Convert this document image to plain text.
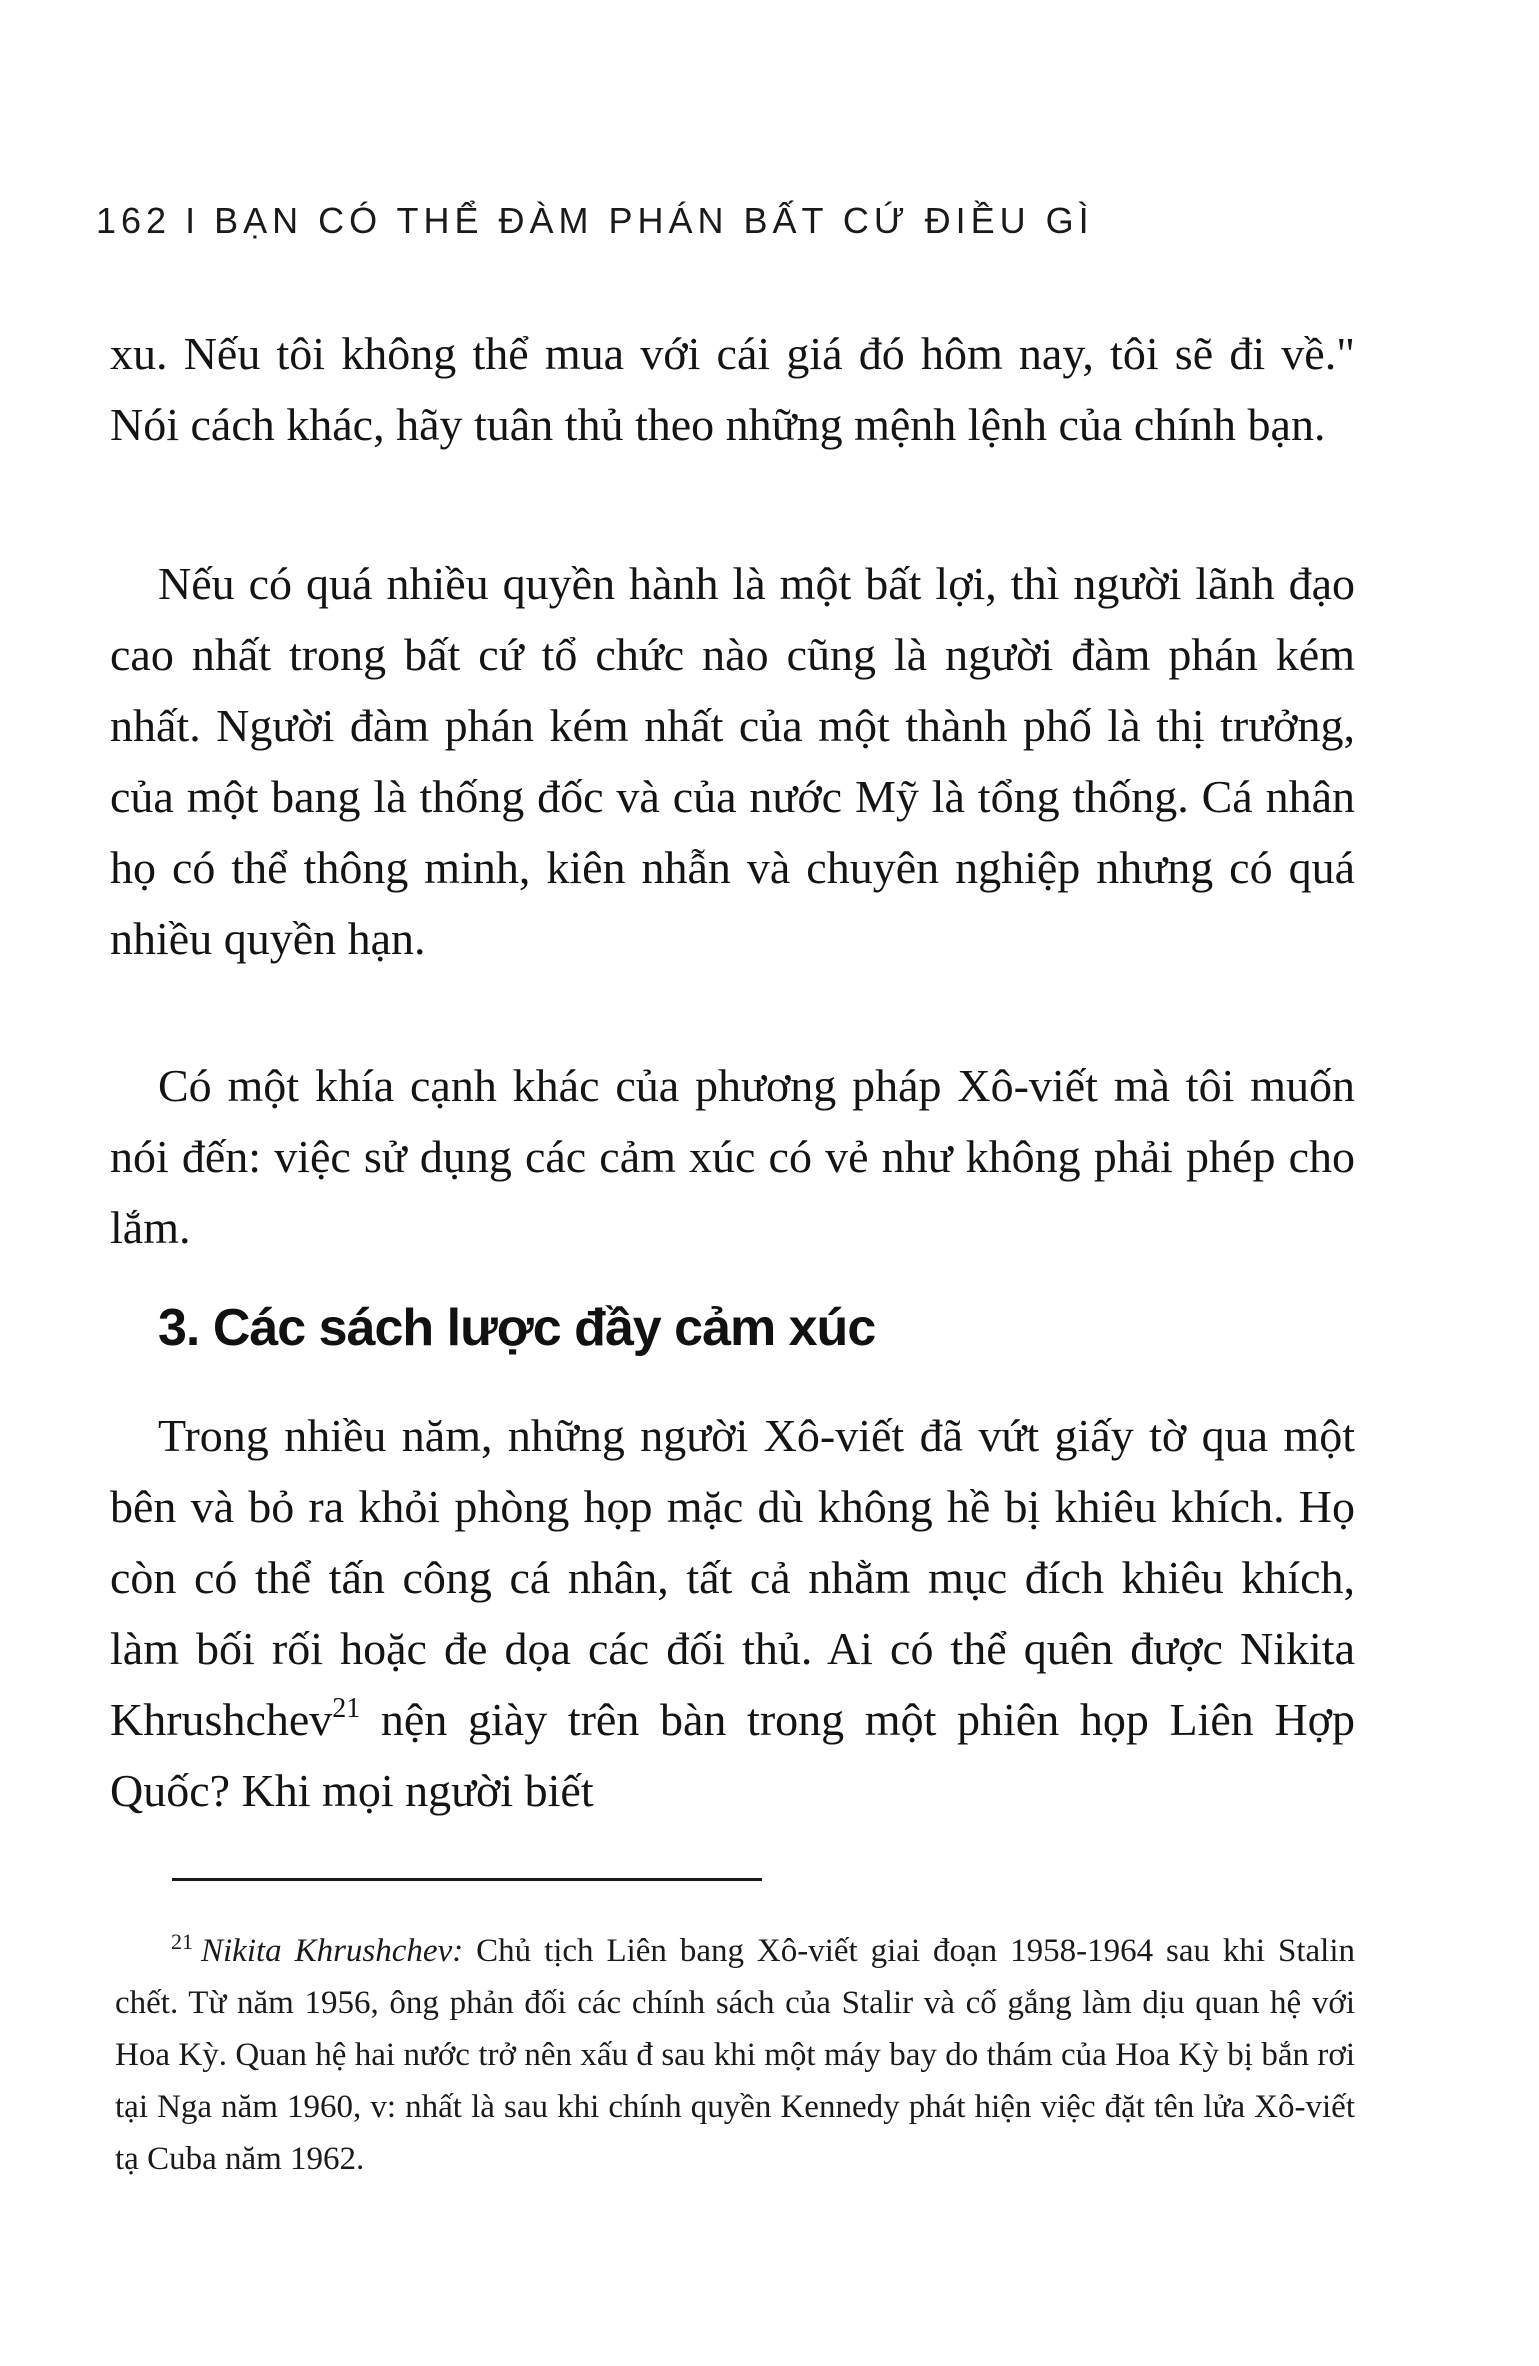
162 I BẠN CÓ THỂ ĐÀM PHÁN BẤT CỨ ĐIỀU GÌ

xu. Nếu tôi không thể mua với cái giá đó hôm nay, tôi sẽ đi về." Nói cách khác, hãy tuân thủ theo những mệnh lệnh của chính bạn.

Nếu có quá nhiều quyền hành là một bất lợi, thì người lãnh đạo cao nhất trong bất cứ tổ chức nào cũng là người đàm phán kém nhất. Người đàm phán kém nhất của một thành phố là thị trưởng, của một bang là thống đốc và của nước Mỹ là tổng thống. Cá nhân họ có thể thông minh, kiên nhẫn và chuyên nghiệp nhưng có quá nhiều quyền hạn.

Có một khía cạnh khác của phương pháp Xô-viết mà tôi muốn nói đến: việc sử dụng các cảm xúc có vẻ như không phải phép cho lắm.

3. Các sách lược đầy cảm xúc

Trong nhiều năm, những người Xô-viết đã vứt giấy tờ qua một bên và bỏ ra khỏi phòng họp mặc dù không hề bị khiêu khích. Họ còn có thể tấn công cá nhân, tất cả nhằm mục đích khiêu khích, làm bối rối hoặc đe dọa các đối thủ. Ai có thể quên được Nikita Khrushchev$^{21}$ nện giày trên bàn trong một phiên họp Liên Hợp Quốc? Khi mọi người biết

$^{21}$ Nikita Khrushchev: Chủ tịch Liên bang Xô-viết giai đoạn 1958-1964 sau khi Stalin chết. Từ năm 1956, ông phản đối các chính sách của Stalir và cố gắng làm dịu quan hệ với Hoa Kỳ. Quan hệ hai nước trở nên xấu đ sau khi một máy bay do thám của Hoa Kỳ bị bắn rơi tại Nga năm 1960, v: nhất là sau khi chính quyền Kennedy phát hiện việc đặt tên lửa Xô-viết tạ Cuba năm 1962.
